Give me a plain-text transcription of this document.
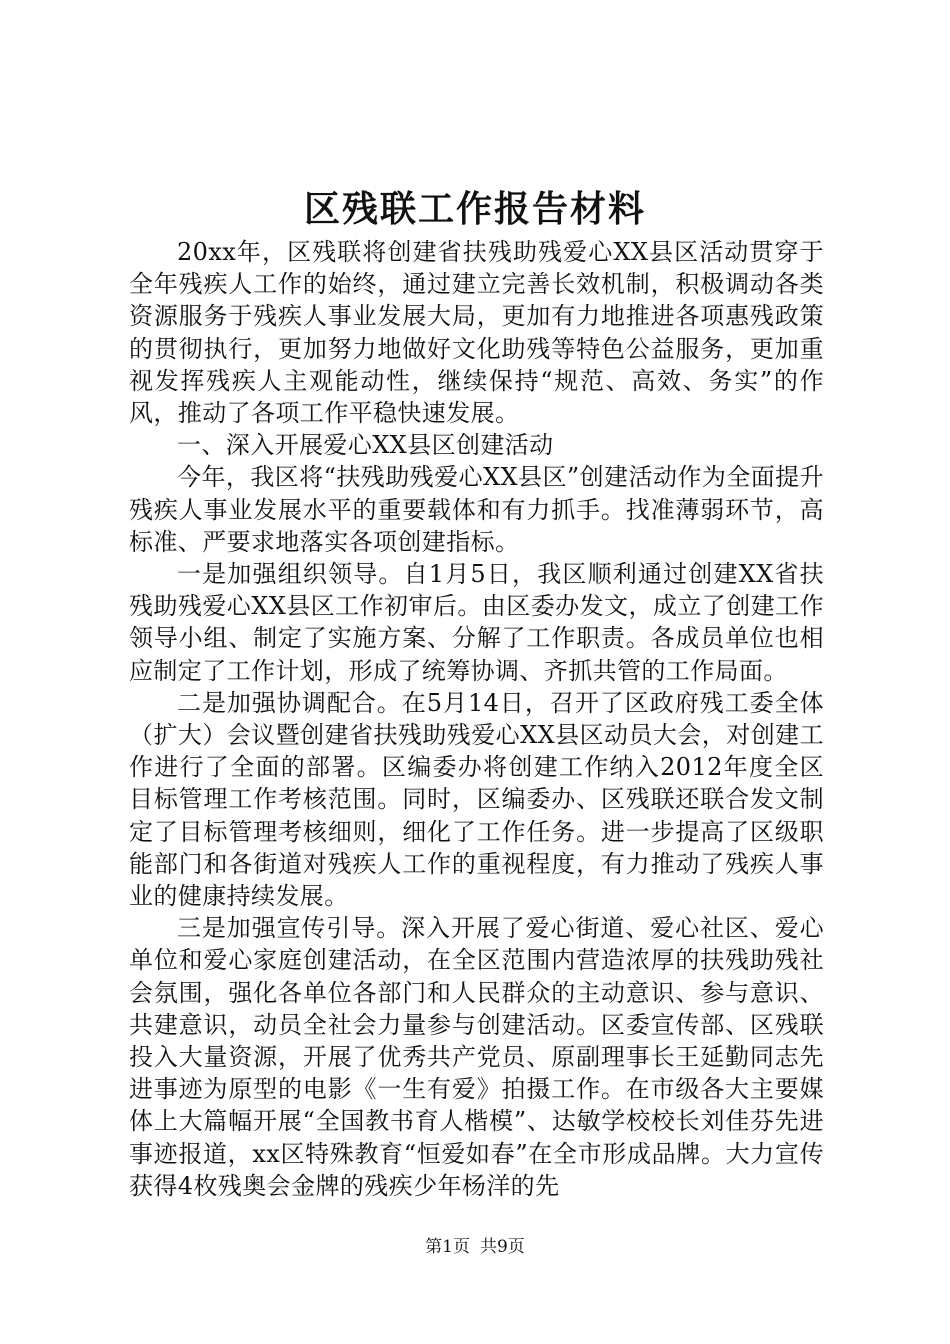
区残联工作报告材料

20xx年，区残联将创建省扶残助残爱心XX县区活动贯穿于全年残疾人工作的始终，通过建立完善长效机制，积极调动各类资源服务于残疾人事业发展大局，更加有力地推进各项惠残政策的贯彻执行，更加努力地做好文化助残等特色公益服务，更加重视发挥残疾人主观能动性，继续保持“规范、高效、务实”的作风，推动了各项工作平稳快速发展。

一、深入开展爱心XX县区创建活动

今年，我区将“扶残助残爱心XX县区”创建活动作为全面提升残疾人事业发展水平的重要载体和有力抓手。找准薄弱环节，高标准、严要求地落实各项创建指标。

一是加强组织领导。自1月5日，我区顺利通过创建XX省扶残助残爱心XX县区工作初审后。由区委办发文，成立了创建工作领导小组、制定了实施方案、分解了工作职责。各成员单位也相应制定了工作计划，形成了统筹协调、齐抓共管的工作局面。

二是加强协调配合。在5月14日，召开了区政府残工委全体（扩大）会议暨创建省扶残助残爱心XX县区动员大会，对创建工作进行了全面的部署。区编委办将创建工作纳入2012年度全区目标管理工作考核范围。同时，区编委办、区残联还联合发文制定了目标管理考核细则，细化了工作任务。进一步提高了区级职能部门和各街道对残疾人工作的重视程度，有力推动了残疾人事业的健康持续发展。

三是加强宣传引导。深入开展了爱心街道、爱心社区、爱心单位和爱心家庭创建活动，在全区范围内营造浓厚的扶残助残社会氛围，强化各单位各部门和人民群众的主动意识、参与意识、共建意识，动员全社会力量参与创建活动。区委宣传部、区残联投入大量资源，开展了优秀共产党员、原副理事长王延勤同志先进事迹为原型的电影《一生有爱》拍摄工作。在市级各大主要媒体上大篇幅开展“全国教书育人楷模”、达敏学校校长刘佳芬先进事迹报道，xx区特殊教育“恒爱如春”在全市形成品牌。大力宣传获得4枚残奥会金牌的残疾少年杨洋的先

第1页 共9页
